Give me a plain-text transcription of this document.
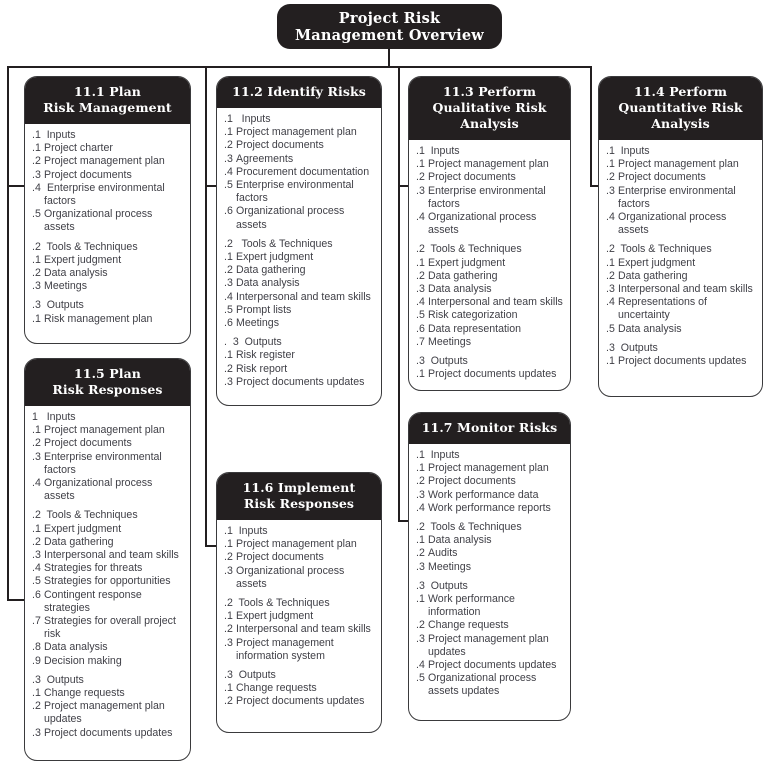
Project Risk
Management Overview
11.1 Plan
Risk Management
.1  Inputs
.1 Project charter
.2 Project management plan
.3 Project documents
.4 Enterprise environmental factors
.5 Organizational process assets
.2  Tools & Techniques
.1 Expert judgment
.2 Data analysis
.3 Meetings
.3  Outputs
.1 Risk management plan
11.2 Identify Risks
.1   Inputs
.1 Project management plan
.2 Project documents
.3 Agreements
.4 Procurement documentation
.5 Enterprise environmental factors
.6 Organizational process assets
.2   Tools & Techniques
.1 Expert judgment
.2 Data gathering
.3 Data analysis
.4 Interpersonal and team skills
.5 Prompt lists
.6 Meetings
.  3  Outputs
.1 Risk register
.2 Risk report
.3 Project documents updates
11.3 Perform
Qualitative Risk Analysis
.1  Inputs
.1 Project management plan
.2 Project documents
.3 Enterprise environmental factors
.4 Organizational process assets
.2  Tools & Techniques
.1 Expert judgment
.2 Data gathering
.3 Data analysis
.4 Interpersonal and team skills
.5 Risk categorization
.6 Data representation
.7 Meetings
.3  Outputs
.1 Project documents updates
11.4 Perform
Quantitative Risk Analysis
.1  Inputs
.1 Project management plan
.2 Project documents
.3 Enterprise environmental factors
.4 Organizational process assets
.2  Tools & Techniques
.1 Expert judgment
.2 Data gathering
.3 Interpersonal and team skills
.4 Representations of uncertainty
.5 Data analysis
.3  Outputs
.1 Project documents updates
11.5 Plan
Risk Responses
1   Inputs
.1 Project management plan
.2 Project documents
.3 Enterprise environmental factors
.4 Organizational process assets
.2  Tools & Techniques
.1 Expert judgment
.2 Data gathering
.3 Interpersonal and team skills
.4 Strategies for threats
.5 Strategies for opportunities
.6 Contingent response strategies
.7 Strategies for overall project risk
.8 Data analysis
.9 Decision making
.3  Outputs
.1 Change requests
.2 Project management plan updates
.3 Project documents updates
11.6 Implement
Risk Responses
.1  Inputs
.1 Project management plan
.2 Project documents
.3 Organizational process assets
.2  Tools & Techniques
.1 Expert judgment
.2 Interpersonal and team skills
.3 Project management information system
.3  Outputs
.1 Change requests
.2 Project documents updates
11.7 Monitor Risks
.1  Inputs
.1 Project management plan
.2 Project documents
.3 Work performance data
.4 Work performance reports
.2  Tools & Techniques
.1 Data analysis
.2 Audits
.3 Meetings
.3  Outputs
.1 Work performance information
.2 Change requests
.3 Project management plan updates
.4 Project documents updates
.5 Organizational process assets updates
